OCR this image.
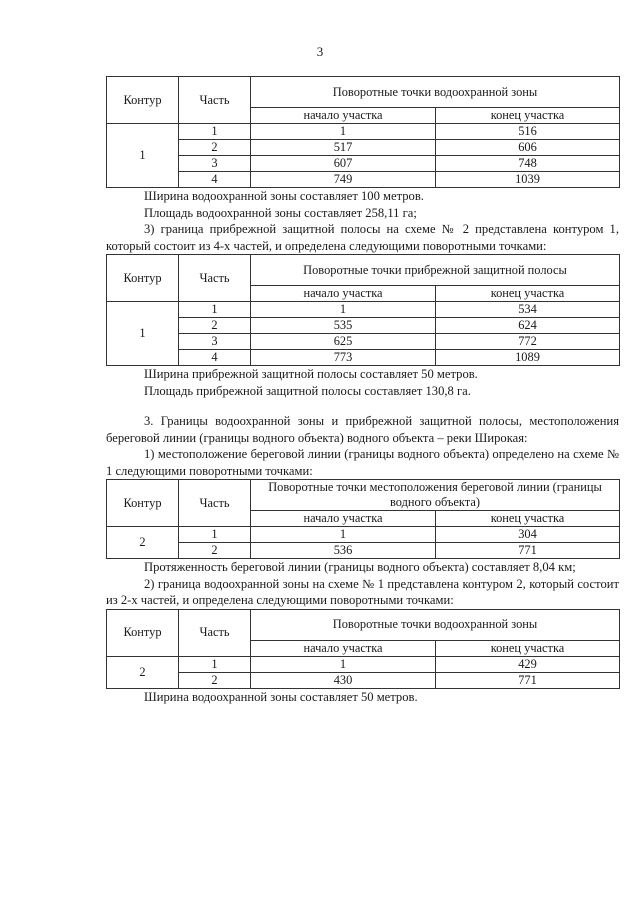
3
Контур	Часть	Поворотные точки водоохранной зоны	
		начало участка	конец участка
1	1	1	516
	2	517	606
	3	607	748
	4	749	1039

Ширина водоохранной зоны составляет 100 метров.

Площадь водоохранной зоны составляет 258,11 га;

3) граница прибрежной защитной полосы на схеме № 2 представлена контуром 1, который состоит из 4-х частей, и определена следующими поворотными точками:

Контур	Часть	Поворотные точки прибрежной защитной полосы	
		начало участка	конец участка
1	1	1	534
	2	535	624
	3	625	772
	4	773	1089

Ширина прибрежной защитной полосы составляет 50 метров.

Площадь прибрежной защитной полосы составляет 130,8 га.

3. Границы водоохранной зоны и прибрежной защитной полосы, местоположения береговой линии (границы водного объекта) водного объекта – реки Широкая:

1) местоположение береговой линии (границы водного объекта) определено на схеме № 1 следующими поворотными точками:

Контур	Часть	Поворотные точки местоположения береговой линии (границы водного объекта)	
		начало участка	конец участка
2	1	1	304
	2	536	771

Протяженность береговой линии (границы водного объекта) составляет 8,04 км;

2) граница водоохранной зоны на схеме № 1 представлена контуром 2, который состоит из 2-х частей, и определена следующими поворотными точками:

Контур	Часть	Поворотные точки водоохранной зоны	
		начало участка	конец участка
2	1	1	429
	2	430	771

Ширина водоохранной зоны составляет 50 метров.
